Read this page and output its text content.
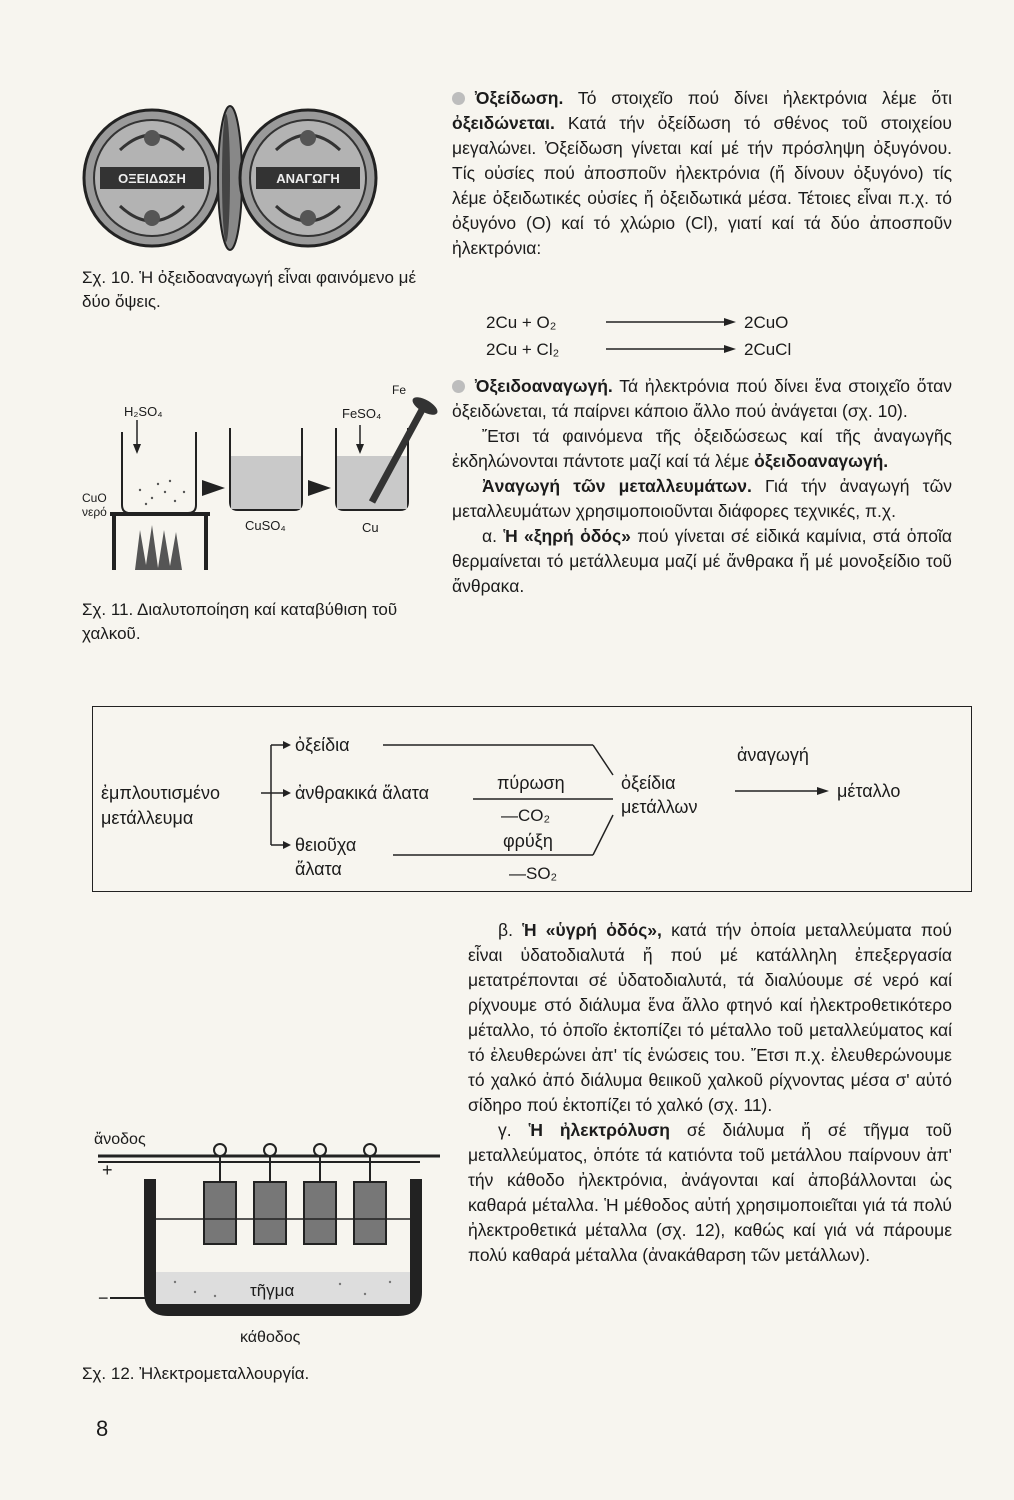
ΟΞΕΙΔΩΣΗ	ΑΝΑΓΩΓΗ
Σχ. 10. Ἡ ὀξειδοαναγωγή εἶναι φαινόμενο μέ δύο ὄψεις.
H₂SO₄
CuO
νερό
CuSO₄
FeSO₄
Fe
Cu
Σχ. 11. Διαλυτοποίηση καί καταβύθιση τοῦ χαλκοῦ.
Ὀξείδωση. Τό στοιχεῖο πού δίνει ἠλεκτρόνια λέμε ὅτι ὀξειδώνεται. Κατά τήν ὀξείδωση τό σθένος τοῦ στοιχείου μεγαλώνει. Ὀξείδωση γίνεται καί μέ τήν πρόσληψη ὀξυγόνου. Τίς οὐσίες πού ἀποσποῦν ἠλεκτρόνια (ἤ δίνουν ὀξυγόνο) τίς λέμε ὀξειδωτικές οὐσίες ἤ ὀξειδωτικά μέσα. Τέτοιες εἶναι π.χ. τό ὀξυγόνο (O) καί τό χλώριο (Cl), γιατί καί τά δύο ἀποσποῦν ἠλεκτρόνια:
2Cu + O₂	2CuO
2Cu + Cl₂	2CuCl

Ὀξειδοαναγωγή. Τά ἠλεκτρόνια πού δίνει ἕνα στοιχεῖο ὅταν ὀξειδώνεται, τά παίρνει κάποιο ἄλλο πού ἀνάγεται (σχ. 10).

Ἔτσι τά φαινόμενα τῆς ὀξειδώσεως καί τῆς ἀναγωγῆς ἐκδηλώνονται πάντοτε μαζί καί τά λέμε ὀξειδοαναγωγή.

Ἀναγωγή τῶν μεταλλευμάτων. Γιά τήν ἀναγωγή τῶν μεταλλευμάτων χρησιμοποιοῦνται διάφορες τεχνικές, π.χ.

α. Ἡ «ξηρή ὁδός» πού γίνεται σέ εἰδικά καμίνια, στά ὁποῖα θερμαίνεται τό μετάλλευμα μαζί μέ ἄνθρακα ἤ μέ μονοξείδιο τοῦ ἄνθρακα.

ἐμπλουτισμένο
μετάλλευμα
ὀξείδια
ἀνθρακικά ἅλατα
θειοῦχα
ἅλατα
πύρωση
—CO₂
φρύξη
—SO₂
ὀξείδια
μετάλλων
ἀναγωγή
μέταλλο

β. Ἡ «ὑγρή ὁδός», κατά τήν ὁποία μεταλλεύματα πού εἶναι ὑδατοδιαλυτά ἤ πού μέ κατάλληλη ἐπεξεργασία μετατρέπονται σέ ὑδατοδιαλυτά, τά διαλύουμε σέ νερό καί ρίχνουμε στό διάλυμα ἕνα ἄλλο φτηνό καί ἠλεκτροθετικότερο μέταλλο, τό ὁποῖο ἐκτοπίζει τό μέταλλο τοῦ μεταλλεύματος καί τό ἐλευθερώνει ἀπ' τίς ἑνώσεις του. Ἔτσι π.χ. ἐλευθερώνουμε τό χαλκό ἀπό διάλυμα θειικοῦ χαλκοῦ ρίχνοντας μέσα σ' αὐτό σίδηρο πού ἐκτοπίζει τό χαλκό (σχ. 11).

γ. Ἡ ἠλεκτρόλυση σέ διάλυμα ἤ σέ τῆγμα τοῦ μεταλλεύματος, ὁπότε τά κατιόντα τοῦ μετάλλου παίρνουν ἀπ' τήν κάθοδο ἠλεκτρόνια, ἀνάγονται καί ἀποβάλλονται ὡς καθαρά μέταλλα. Ἡ μέθοδος αὐτή χρησιμοποιεῖται γιά τά πολύ ἠλεκτροθετικά μέταλλα (σχ. 12), καθώς καί γιά νά πάρουμε πολύ καθαρά μέταλλα (ἀνακάθαρση τῶν μετάλλων).

ἄνοδος
+
τῆγμα
−
κάθοδος
Σχ. 12. Ἠλεκτρομεταλλουργία.
8
